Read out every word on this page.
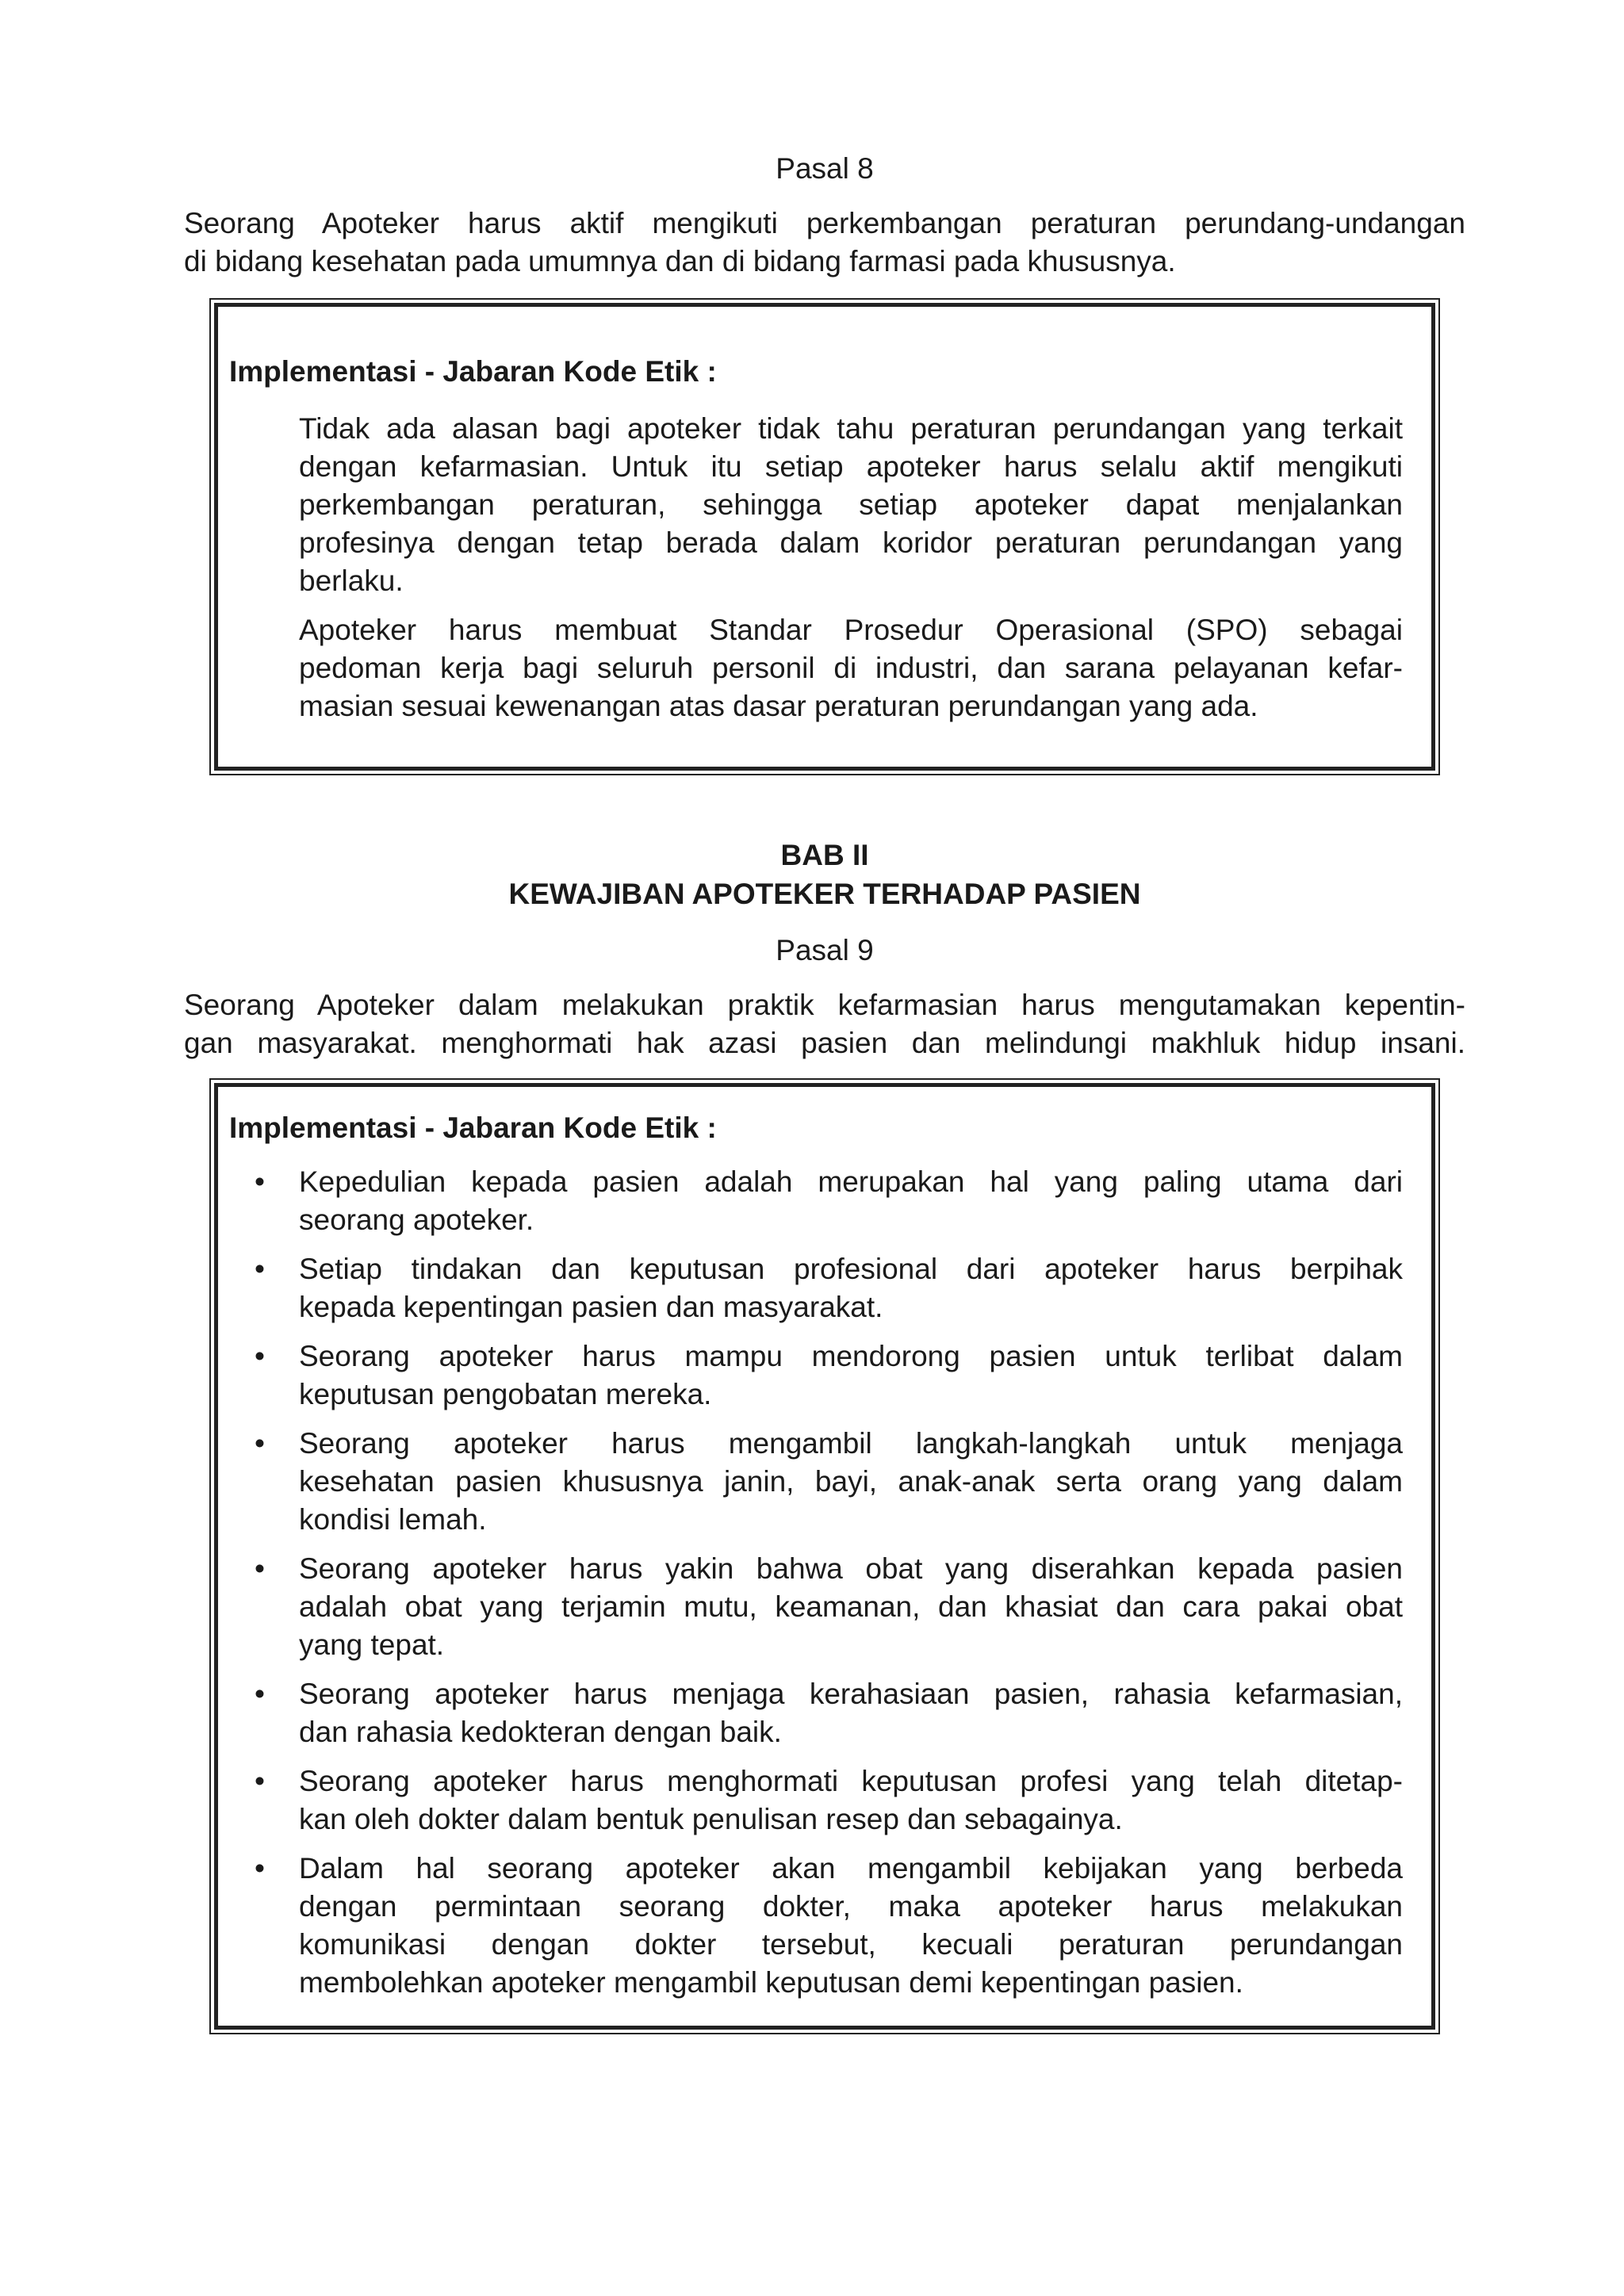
Pasal 8
Seorang Apoteker harus aktif mengikuti perkembangan peraturan perundang-undangan
di bidang kesehatan pada umumnya dan di bidang farmasi pada khususnya.
Implementasi - Jabaran Kode Etik :
Tidak ada alasan bagi apoteker tidak tahu peraturan perundangan yang terkait
dengan kefarmasian. Untuk itu setiap apoteker harus selalu aktif mengikuti
perkembangan peraturan, sehingga setiap apoteker dapat menjalankan
profesinya dengan tetap berada dalam koridor peraturan perundangan yang
berlaku.
Apoteker harus membuat Standar Prosedur Operasional (SPO) sebagai
pedoman kerja bagi seluruh personil di industri, dan sarana pelayanan kefar-
masian sesuai kewenangan atas dasar peraturan perundangan yang ada.
BAB II
KEWAJIBAN APOTEKER TERHADAP PASIEN
Pasal 9
Seorang Apoteker dalam melakukan praktik kefarmasian harus mengutamakan kepentin-
gan masyarakat. menghormati hak azasi pasien dan melindungi makhluk hidup insani.
Implementasi - Jabaran Kode Etik :
• Kepedulian kepada pasien adalah merupakan hal yang paling utama dari
seorang apoteker.
• Setiap tindakan dan keputusan profesional dari apoteker harus berpihak
kepada kepentingan pasien dan masyarakat.
• Seorang apoteker harus mampu mendorong pasien untuk terlibat dalam
keputusan pengobatan mereka.
• Seorang apoteker harus mengambil langkah-langkah untuk menjaga
kesehatan pasien khususnya janin, bayi, anak-anak serta orang yang dalam
kondisi lemah.
• Seorang apoteker harus yakin bahwa obat yang diserahkan kepada pasien
adalah obat yang terjamin mutu, keamanan, dan khasiat dan cara pakai obat
yang tepat.
• Seorang apoteker harus menjaga kerahasiaan pasien, rahasia kefarmasian,
dan rahasia kedokteran dengan baik.
• Seorang apoteker harus menghormati keputusan profesi yang telah ditetap-
kan oleh dokter dalam bentuk penulisan resep dan sebagainya.
• Dalam hal seorang apoteker akan mengambil kebijakan yang berbeda
dengan permintaan seorang dokter, maka apoteker harus melakukan
komunikasi dengan dokter tersebut, kecuali peraturan perundangan
membolehkan apoteker mengambil keputusan demi kepentingan pasien.
